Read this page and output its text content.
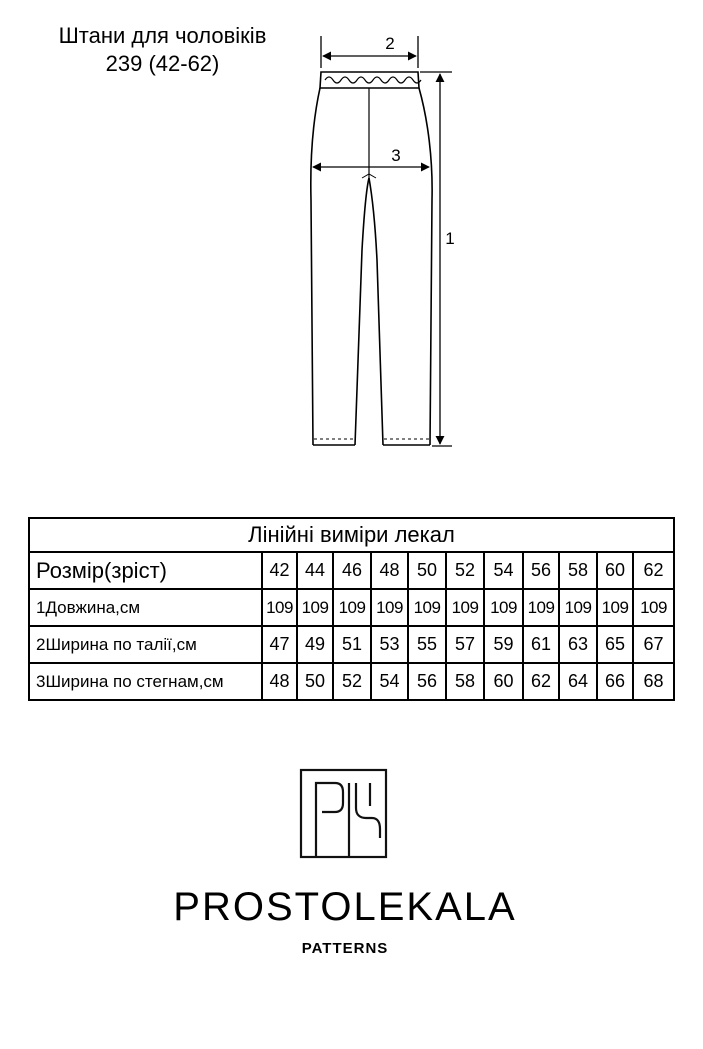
Штани для чоловіків
239 (42-62)
2
3
1
Лінійні виміри лекал											
Розмір(зріст)	42	44	46	48	50	52	54	56	58	60	62
1Довжина,см	109	109	109	109	109	109	109	109	109	109	109
2Ширина по талії,см	47	49	51	53	55	57	59	61	63	65	67
3Ширина по стегнам,см	48	50	52	54	56	58	60	62	64	66	68
PROSTOLEKALA
PATTERNS
